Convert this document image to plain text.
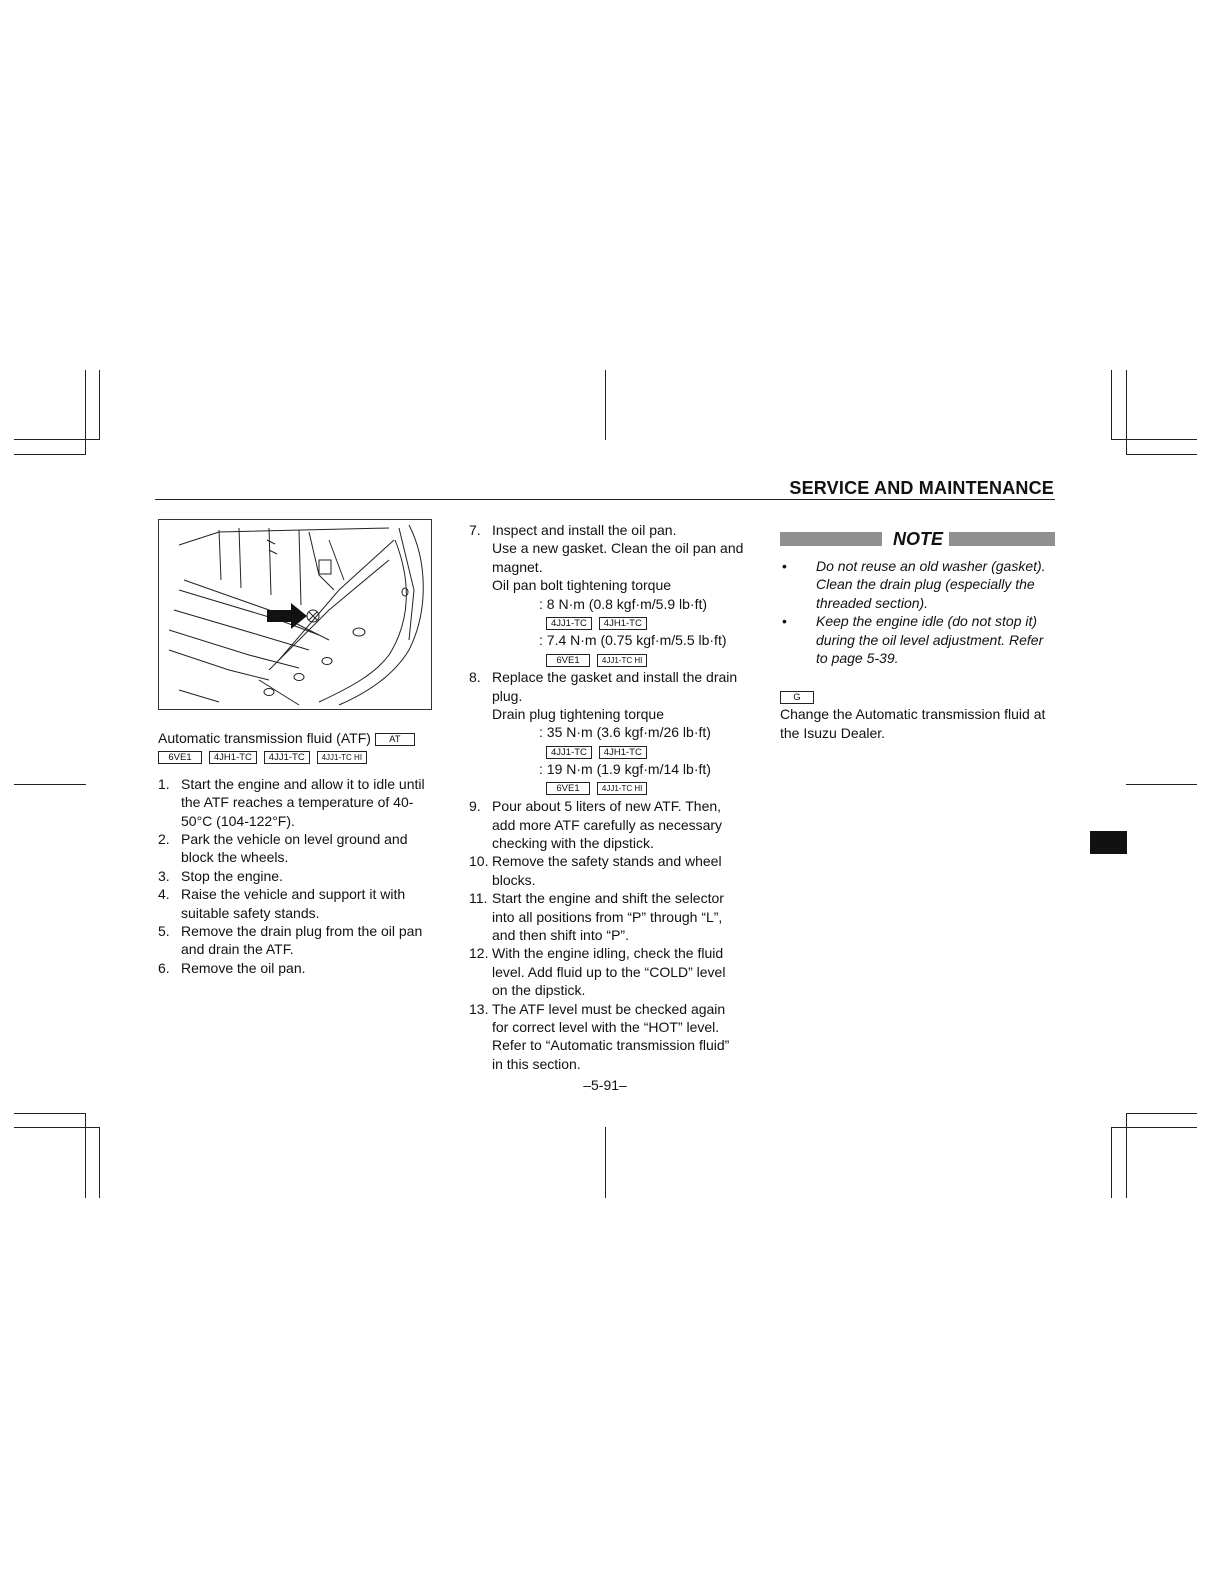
SERVICE AND MAINTENANCE
Automatic transmission fluid (ATF) AT
6VE1 4JH1-TC 4JJ1-TC 4JJ1-TC HI
1. Start the engine and allow it to idle until the ATF reaches a temperature of 40-50°C (104-122°F).
2. Park the vehicle on level ground and block the wheels.
3. Stop the engine.
4. Raise the vehicle and support it with suitable safety stands.
5. Remove the drain plug from the oil pan and drain the ATF.
6. Remove the oil pan.
7. Inspect and install the oil pan.
Use a new gasket. Clean the oil pan and magnet.
Oil pan bolt tightening torque
: 8 N·m (0.8 kgf·m/5.9 lb·ft)
4JJ1-TC 4JH1-TC
: 7.4 N·m (0.75 kgf·m/5.5 lb·ft)
6VE1	4JJ1-TC HI
8. Replace the gasket and install the drain plug.
Drain plug tightening torque
: 35 N·m (3.6 kgf·m/26 lb·ft)
4JJ1-TC 4JH1-TC
: 19 N·m (1.9 kgf·m/14 lb·ft)
6VE1	4JJ1-TC HI
9. Pour about 5 liters of new ATF. Then, add more ATF carefully as necessary checking with the dipstick.
10. Remove the safety stands and wheel blocks.
11. Start the engine and shift the selector into all positions from “P” through “L”, and then shift into “P”.
12. With the engine idling, check the fluid level. Add fluid up to the “COLD” level on the dipstick.
13. The ATF level must be checked again for correct level with the “HOT” level. Refer to “Automatic transmission fluid” in this section.
NOTE
• Do not reuse an old washer (gasket). Clean the drain plug (especially the threaded section).
• Keep the engine idle (do not stop it) during the oil level adjustment. Refer to page 5-39.
G
Change the Automatic transmission fluid at the Isuzu Dealer.
–5-91–
